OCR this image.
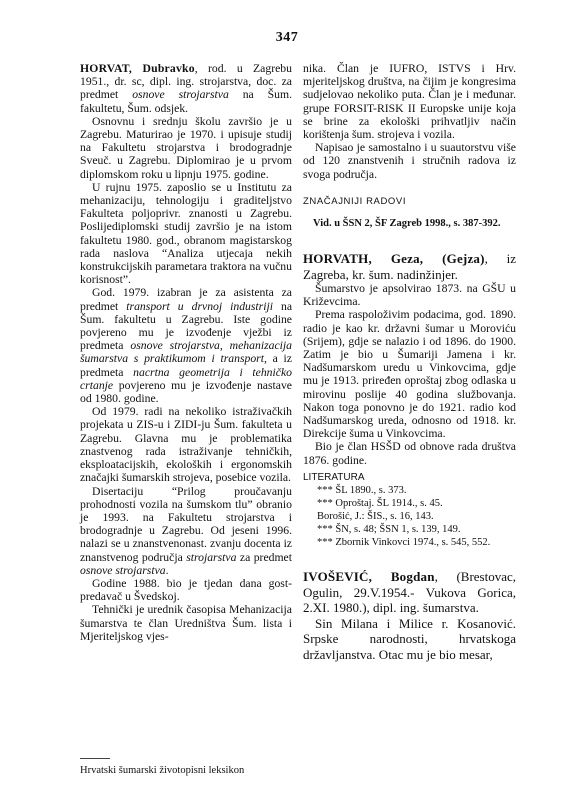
347

HORVAT, Dubravko, rod. u Zagrebu 1951., dr. sc, dipl. ing. strojarstva, doc. za predmet osnove strojarstva na Šum. fakultetu, Šum. odsjek.

Osnovnu i srednju školu završio je u Zagrebu. Maturirao je 1970. i upisuje studij na Fakultetu strojarstva i brodogradnje Sveuč. u Zagrebu. Diplomirao je u prvom diplomskom roku u lipnju 1975. godine.

U rujnu 1975. zaposlio se u Institutu za mehanizaciju, tehnologiju i graditeljstvo Fakulteta poljoprivr. znanosti u Zagrebu. Poslijediplomski studij završio je na istom fakultetu 1980. god., obranom magistarskog rada naslova “Analiza utjecaja nekih konstrukcijskih parametara traktora na vučnu korisnost”.

God. 1979. izabran je za asistenta za predmet transport u drvnoj industriji na Šum. fakultetu u Zagrebu. Iste godine povjereno mu je izvođenje vježbi iz predmeta osnove strojarstva, mehanizacija šumarstva s praktikumom i transport, a iz predmeta nacrtna geometrija i tehničko crtanje povjereno mu je izvođenje nastave od 1980. godine.

Od 1979. radi na nekoliko istraživačkih projekata u ZIS-u i ZIDI-ju Šum. fakulteta u Zagrebu. Glavna mu je problematika znastvenog rada istraživanje tehničkih, eksploatacijskih, ekoloških i ergonomskih značajki šumarskih strojeva, posebice vozila.

Disertaciju “Prilog proučavanju prohodnosti vozila na šumskom tlu” obranio je 1993. na Fakultetu strojarstva i brodogradnje u Zagrebu. Od jeseni 1996. nalazi se u znanstvenonast. zvanju docenta iz znanstvenog područja strojarstva za predmet osnove strojarstva.

Godine 1988. bio je tjedan dana gost-predavač u Švedskoj.

Tehnički je urednik časopisa Mehanizacija šumarstva te član Uredništva Šum. lista i Mjeriteljskog vjes-

nika. Član je IUFRO, ISTVS i Hrv. mjeriteljskog društva, na čijim je kongresima sudjelovao nekoliko puta. Član je i međunar. grupe FORSIT-RISK II Europske unije koja se brine za ekološki prihvatljiv način korištenja šum. strojeva i vozila.

Napisao je samostalno i u suautorstvu više od 120 znanstvenih i stručnih radova iz svoga područja.

ZNAČAJNIJI RADOVI

Vid. u ŠSN 2, ŠF Zagreb 1998., s. 387-392.

HORVATH, Geza, (Gejza), iz Zagreba, kr. šum. nadinžinjer.

Šumarstvo je apsolvirao 1873. na GŠU u Križevcima.

Prema raspoloživim podacima, god. 1890. radio je kao kr. državni šumar u Moroviću (Srijem), gdje se nalazio i od 1896. do 1900. Zatim je bio u Šumariji Jamena i kr. Nadšumarskom uredu u Vinkovcima, gdje mu je 1913. priređen oproštaj zbog odlaska u mirovinu poslije 40 godina službovanja. Nakon toga ponovno je do 1921. radio kod Nadšumarskog ureda, odnosno od 1918. kr. Direkcije šuma u Vinkovcima.

Bio je član HSŠD od obnove rada društva 1876. godine.

LITERATURA

*** ŠL 1890., s. 373.
*** Oproštaj. ŠL 1914., s. 45.
Borošić, J.: ŠIS., s. 16, 143.
*** ŠN, s. 48; ŠSN 1, s. 139, 149.
*** Zbornik Vinkovci 1974., s. 545, 552.

IVOŠEVIĆ, Bogdan, (Brestovac, Ogulin, 29.V.1954.- Vukova Gorica, 2.XI. 1980.), dipl. ing. šumarstva.

Sin Milana i Milice r. Kosanović. Srpske narodnosti, hrvatskoga državljanstva. Otac mu je bio mesar,

Hrvatski šumarski životopisni leksikon
